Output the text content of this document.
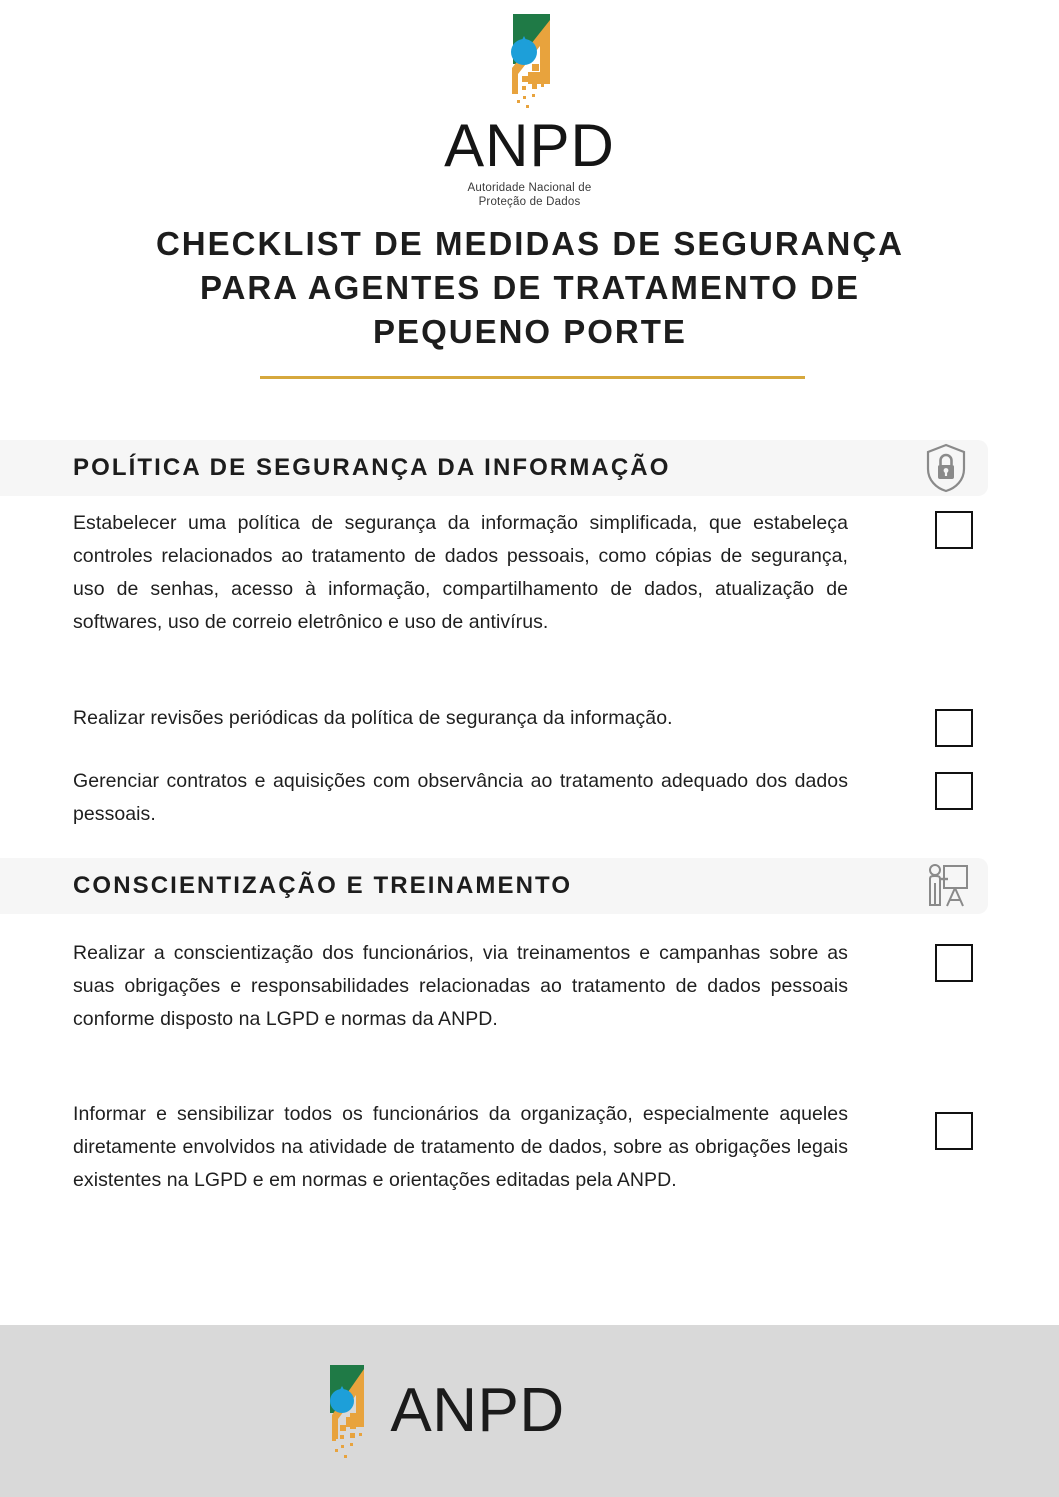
ANPD
Autoridade Nacional de
Proteção de Dados
CHECKLIST DE MEDIDAS DE SEGURANÇA PARA AGENTES DE TRATAMENTO DE PEQUENO PORTE
POLÍTICA DE SEGURANÇA DA INFORMAÇÃO

Estabelecer uma política de segurança da informação simplificada, que estabeleça controles relacionados ao tratamento de dados pessoais, como cópias de segurança, uso de senhas, acesso à informação, compartilhamento de dados, atualização de softwares, uso de correio eletrônico e uso de antivírus.

Realizar revisões periódicas da política de segurança da informação.

Gerenciar contratos e aquisições com observância ao tratamento adequado dos dados pessoais.

CONSCIENTIZAÇÃO E TREINAMENTO

Realizar a conscientização dos funcionários, via treinamentos e campanhas sobre as suas obrigações e responsabilidades relacionadas ao tratamento de dados pessoais conforme disposto na LGPD e normas da ANPD.

Informar e sensibilizar todos os funcionários da organização, especialmente aqueles diretamente envolvidos na atividade de tratamento de dados, sobre as obrigações legais existentes na LGPD e em normas e orientações editadas pela ANPD.

ANPD
